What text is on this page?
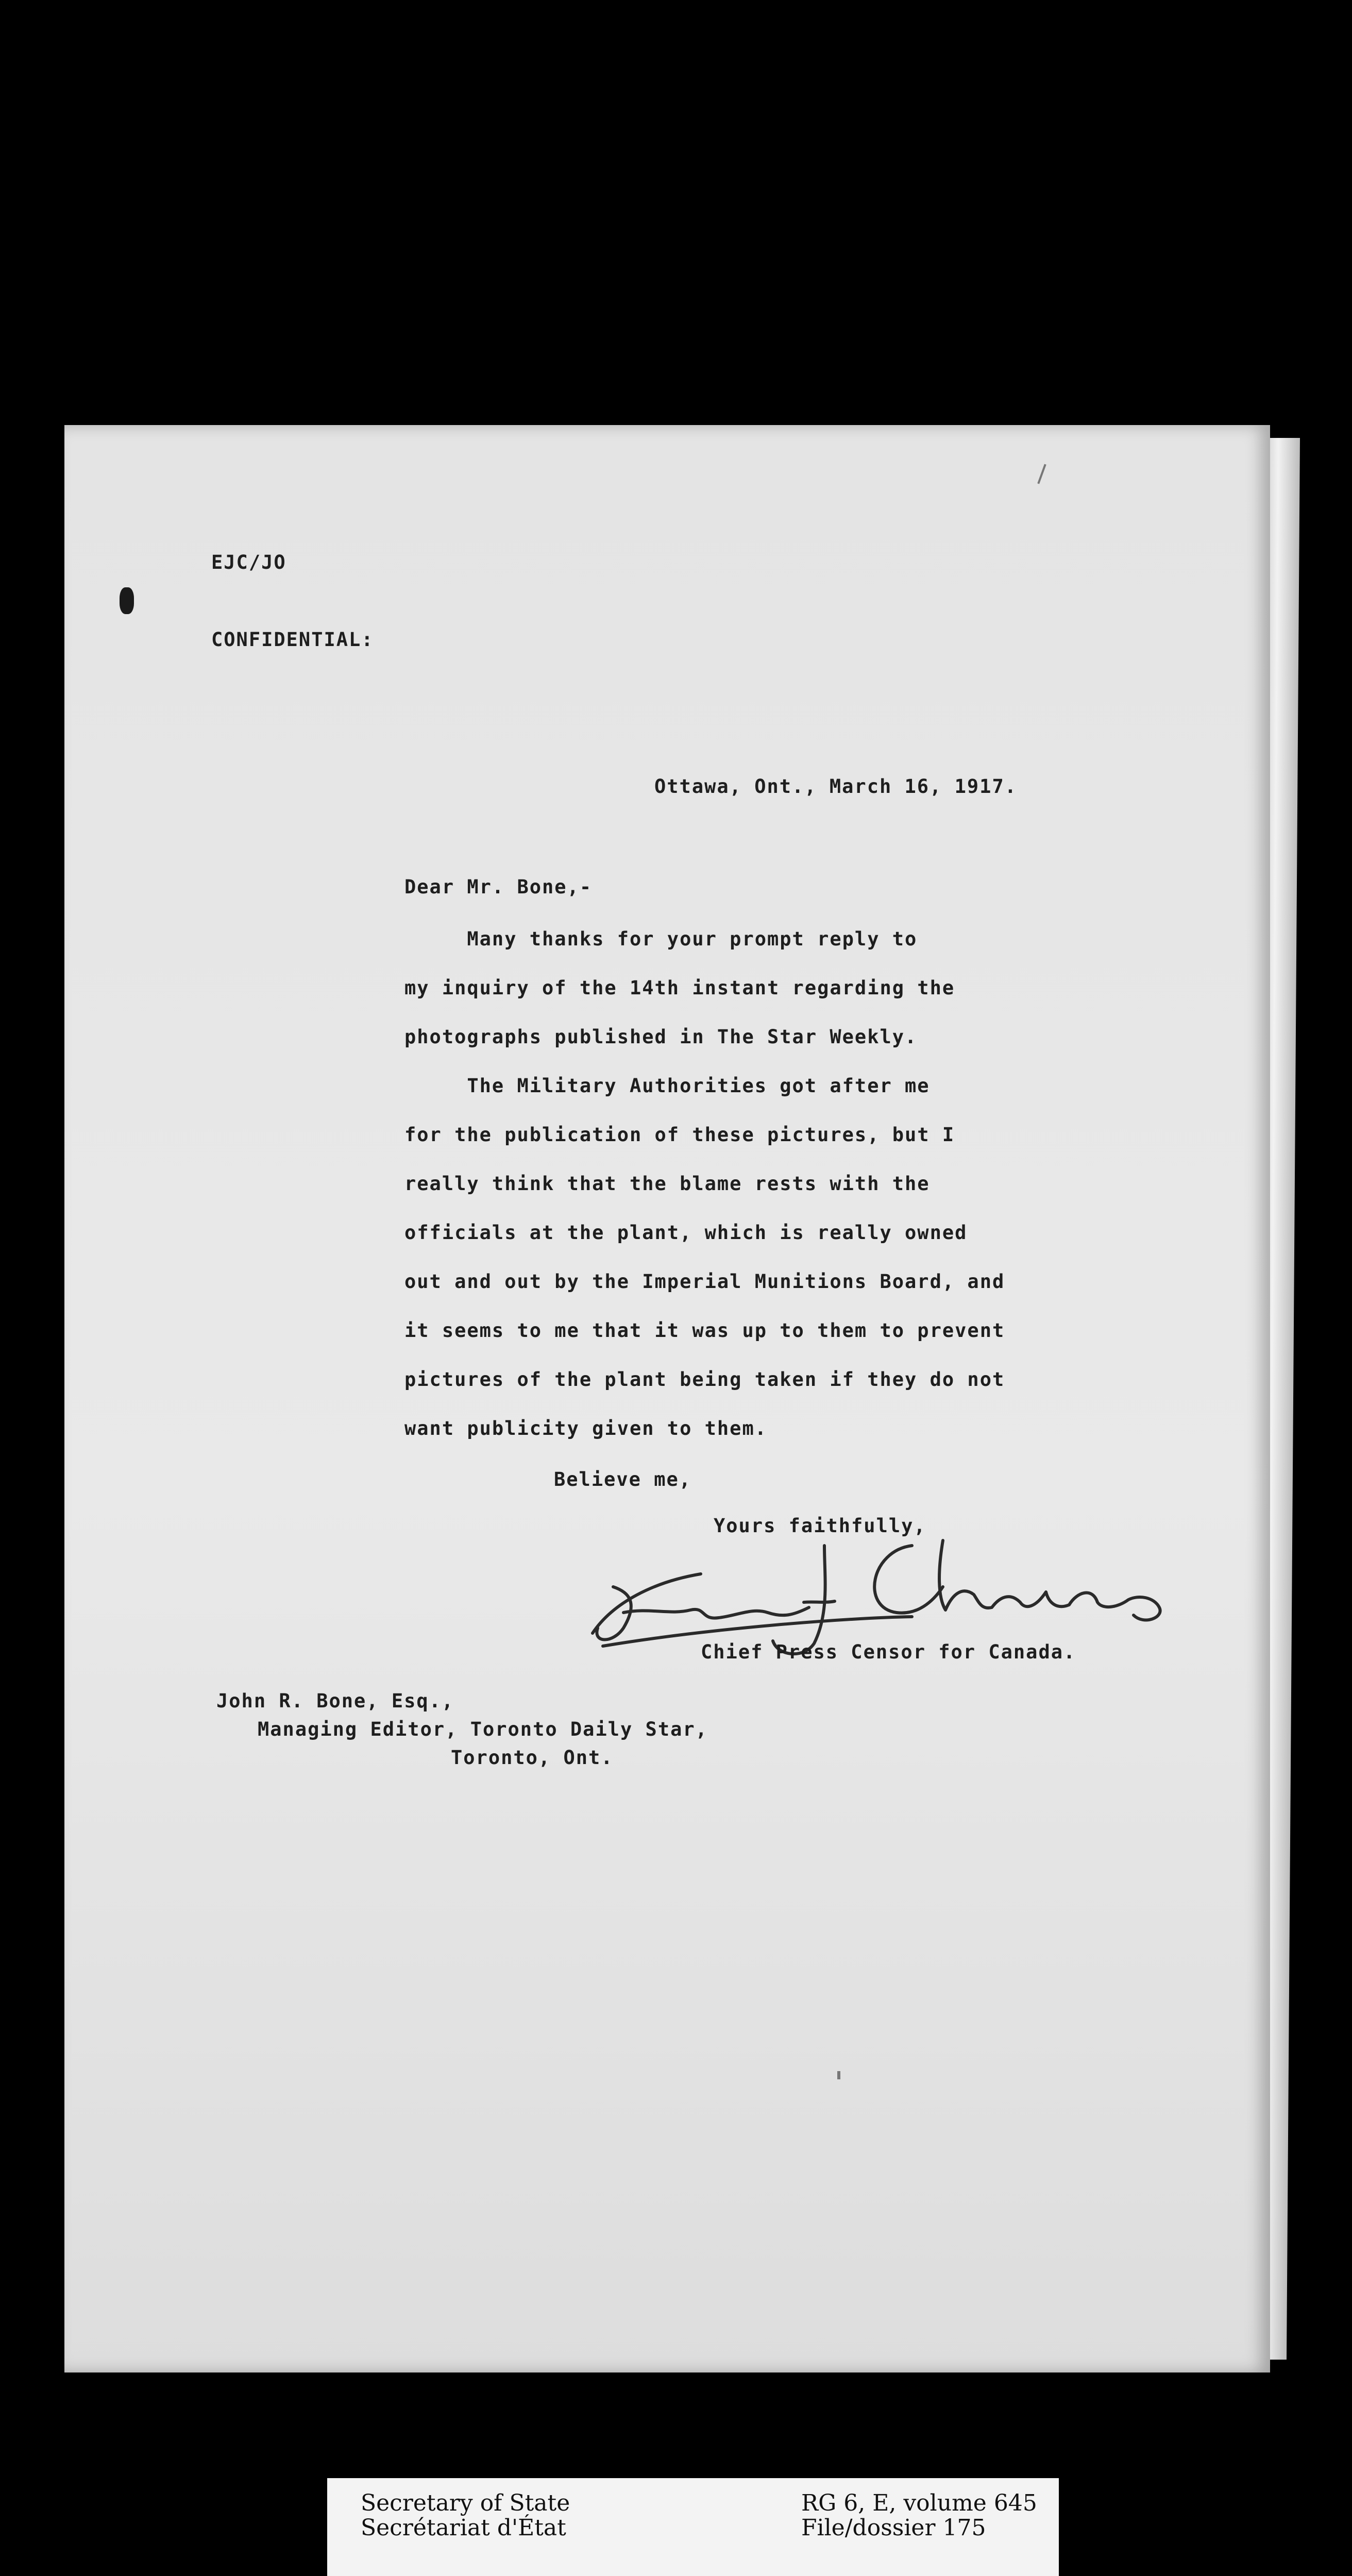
EJC/JO

CONFIDENTIAL:

Ottawa, Ont., March 16, 1917.

Dear Mr. Bone,-

Many thanks for your prompt reply to
my inquiry of the 14th instant regarding the
photographs published in The Star Weekly.
The Military Authorities got after me
for the publication of these pictures, but I
really think that the blame rests with the
officials at the plant, which is really owned
out and out by the Imperial Munitions Board, and
it seems to me that it was up to them to prevent
pictures of the plant being taken if they do not
want publicity given to them.

Believe me,

Yours faithfully,

Chief Press Censor for Canada.

John R. Bone, Esq.,

Managing Editor, Toronto Daily Star,

Toronto, Ont.

Secretary of State
Secrétariat d'État
RG 6, E, volume 645
File/dossier 175
